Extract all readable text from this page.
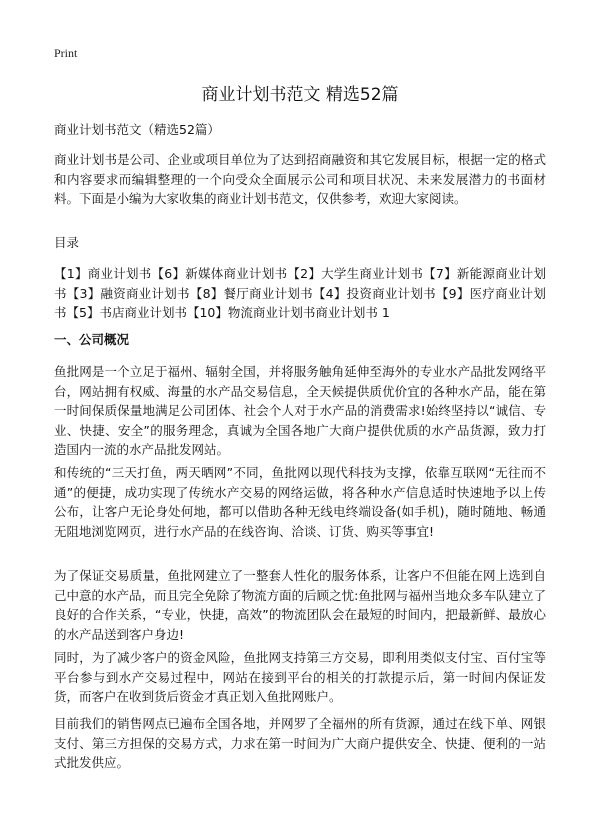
Print
商业计划书范文 精选52篇
商业计划书范文（精选52篇）
商业计划书是公司、企业或项目单位为了达到招商融资和其它发展目标，根据一定的格式和内容要求而编辑整理的一个向受众全面展示公司和项目状况、未来发展潜力的书面材料。下面是小编为大家收集的商业计划书范文，仅供参考，欢迎大家阅读。
目录
【1】商业计划书【6】新媒体商业计划书【2】大学生商业计划书【7】新能源商业计划书【3】融资商业计划书【8】餐厅商业计划书【4】投资商业计划书【9】医疗商业计划书【5】书店商业计划书【10】物流商业计划书商业计划书 1
一、公司概况
鱼批网是一个立足于福州、辐射全国，并将服务触角延伸至海外的专业水产品批发网络平台，网站拥有权威、海量的水产品交易信息，全天候提供质优价宜的各种水产品，能在第一时间保质保量地满足公司团体、社会个人对于水产品的消费需求!始终坚持以“诚信、专业、快捷、安全”的服务理念，真诚为全国各地广大商户提供优质的水产品货源，致力打造国内一流的水产品批发网站。
和传统的“三天打鱼，两天晒网”不同，鱼批网以现代科技为支撑，依靠互联网“无往而不通”的便捷，成功实现了传统水产交易的网络运做，将各种水产信息适时快速地予以上传公布，让客户无论身处何地，都可以借助各种无线电终端设备(如手机)，随时随地、畅通无阻地浏览网页，进行水产品的在线咨询、洽谈、订货、购买等事宜!
为了保证交易质量，鱼批网建立了一整套人性化的服务体系，让客户不但能在网上选到自己中意的水产品，而且完全免除了物流方面的后顾之忧:鱼批网与福州当地众多车队建立了良好的合作关系，“专业，快捷，高效”的物流团队会在最短的时间内，把最新鲜、最放心的水产品送到客户身边!
同时，为了减少客户的资金风险，鱼批网支持第三方交易，即利用类似支付宝、百付宝等平台参与到水产交易过程中，网站在接到平台的相关的打款提示后，第一时间内保证发货，而客户在收到货后资金才真正划入鱼批网账户。
目前我们的销售网点已遍布全国各地，并网罗了全福州的所有货源，通过在线下单、网银支付、第三方担保的交易方式，力求在第一时间为广大商户提供安全、快捷、便利的一站式批发供应。
